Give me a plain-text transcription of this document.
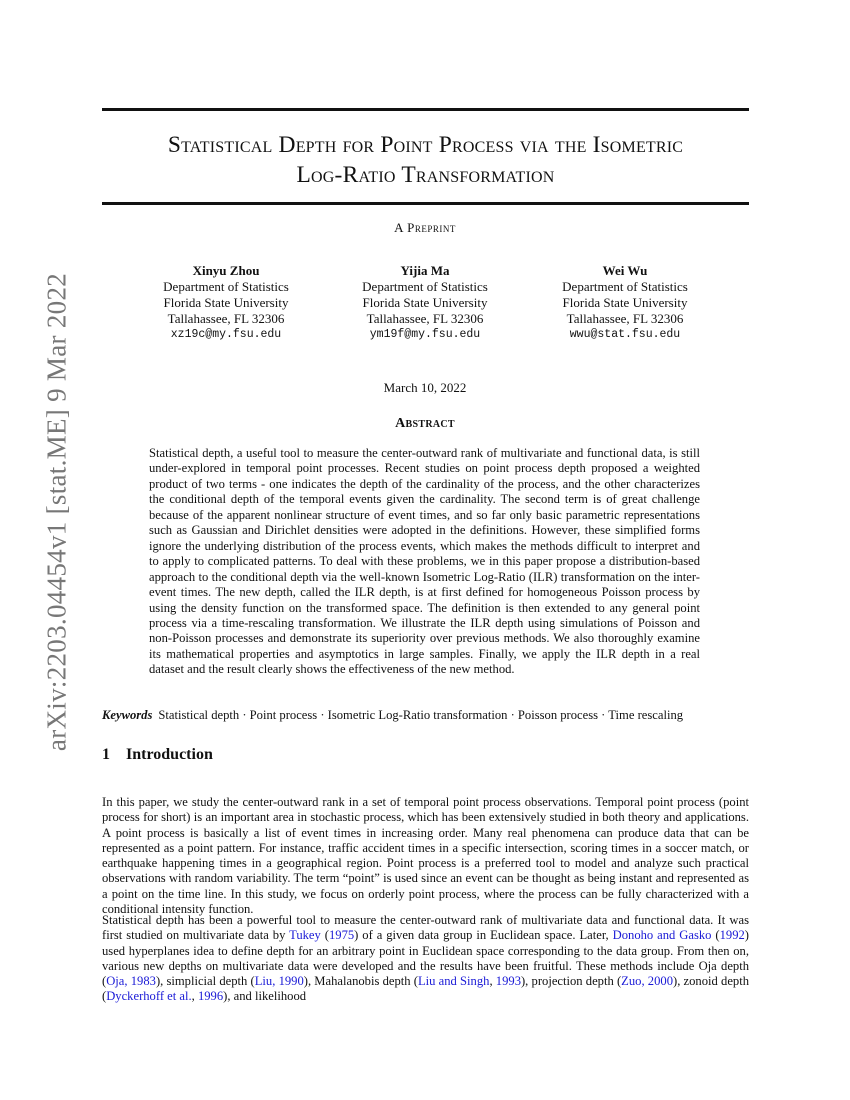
arXiv:2203.04454v1 [stat.ME] 9 Mar 2022
Statistical Depth for Point Process via the Isometric
Log-Ratio Transformation
A Preprint
Xinyu Zhou
Department of Statistics
Florida State University
Tallahassee, FL 32306
xz19c@my.fsu.edu
Yijia Ma
Department of Statistics
Florida State University
Tallahassee, FL 32306
ym19f@my.fsu.edu
Wei Wu
Department of Statistics
Florida State University
Tallahassee, FL 32306
wwu@stat.fsu.edu
March 10, 2022
Abstract
Statistical depth, a useful tool to measure the center-outward rank of multivariate and functional data, is still under-explored in temporal point processes. Recent studies on point process depth proposed a weighted product of two terms - one indicates the depth of the cardinality of the process, and the other characterizes the conditional depth of the temporal events given the cardinality. The second term is of great challenge because of the apparent nonlinear structure of event times, and so far only basic parametric representations such as Gaussian and Dirichlet densities were adopted in the definitions. However, these simplified forms ignore the underlying distribution of the process events, which makes the methods difficult to interpret and to apply to complicated patterns. To deal with these problems, we in this paper propose a distribution-based approach to the conditional depth via the well-known Isometric Log-Ratio (ILR) transformation on the inter-event times. The new depth, called the ILR depth, is at first defined for homogeneous Poisson process by using the density function on the transformed space. The definition is then extended to any general point process via a time-rescaling transformation. We illustrate the ILR depth using simulations of Poisson and non-Poisson processes and demonstrate its superiority over previous methods. We also thoroughly examine its mathematical properties and asymptotics in large samples. Finally, we apply the ILR depth in a real dataset and the result clearly shows the effectiveness of the new method.
Keywords Statistical depth · Point process · Isometric Log-Ratio transformation · Poisson process · Time rescaling
1 Introduction

In this paper, we study the center-outward rank in a set of temporal point process observations. Temporal point process (point process for short) is an important area in stochastic process, which has been extensively studied in both theory and applications. A point process is basically a list of event times in increasing order. Many real phenomena can produce data that can be represented as a point pattern. For instance, traffic accident times in a specific intersection, scoring times in a soccer match, or earthquake happening times in a geographical region. Point process is a preferred tool to model and analyze such practical observations with random variability. The term “point” is used since an event can be thought as being instant and represented as a point on the time line. In this study, we focus on orderly point process, where the process can be fully characterized with a conditional intensity function.

Statistical depth has been a powerful tool to measure the center-outward rank of multivariate data and functional data. It was first studied on multivariate data by Tukey (1975) of a given data group in Euclidean space. Later, Donoho and Gasko (1992) used hyperplanes idea to define depth for an arbitrary point in Euclidean space corresponding to the data group. From then on, various new depths on multivariate data were developed and the results have been fruitful. These methods include Oja depth (Oja, 1983), simplicial depth (Liu, 1990), Mahalanobis depth (Liu and Singh, 1993), projection depth (Zuo, 2000), zonoid depth (Dyckerhoff et al., 1996), and likelihood
